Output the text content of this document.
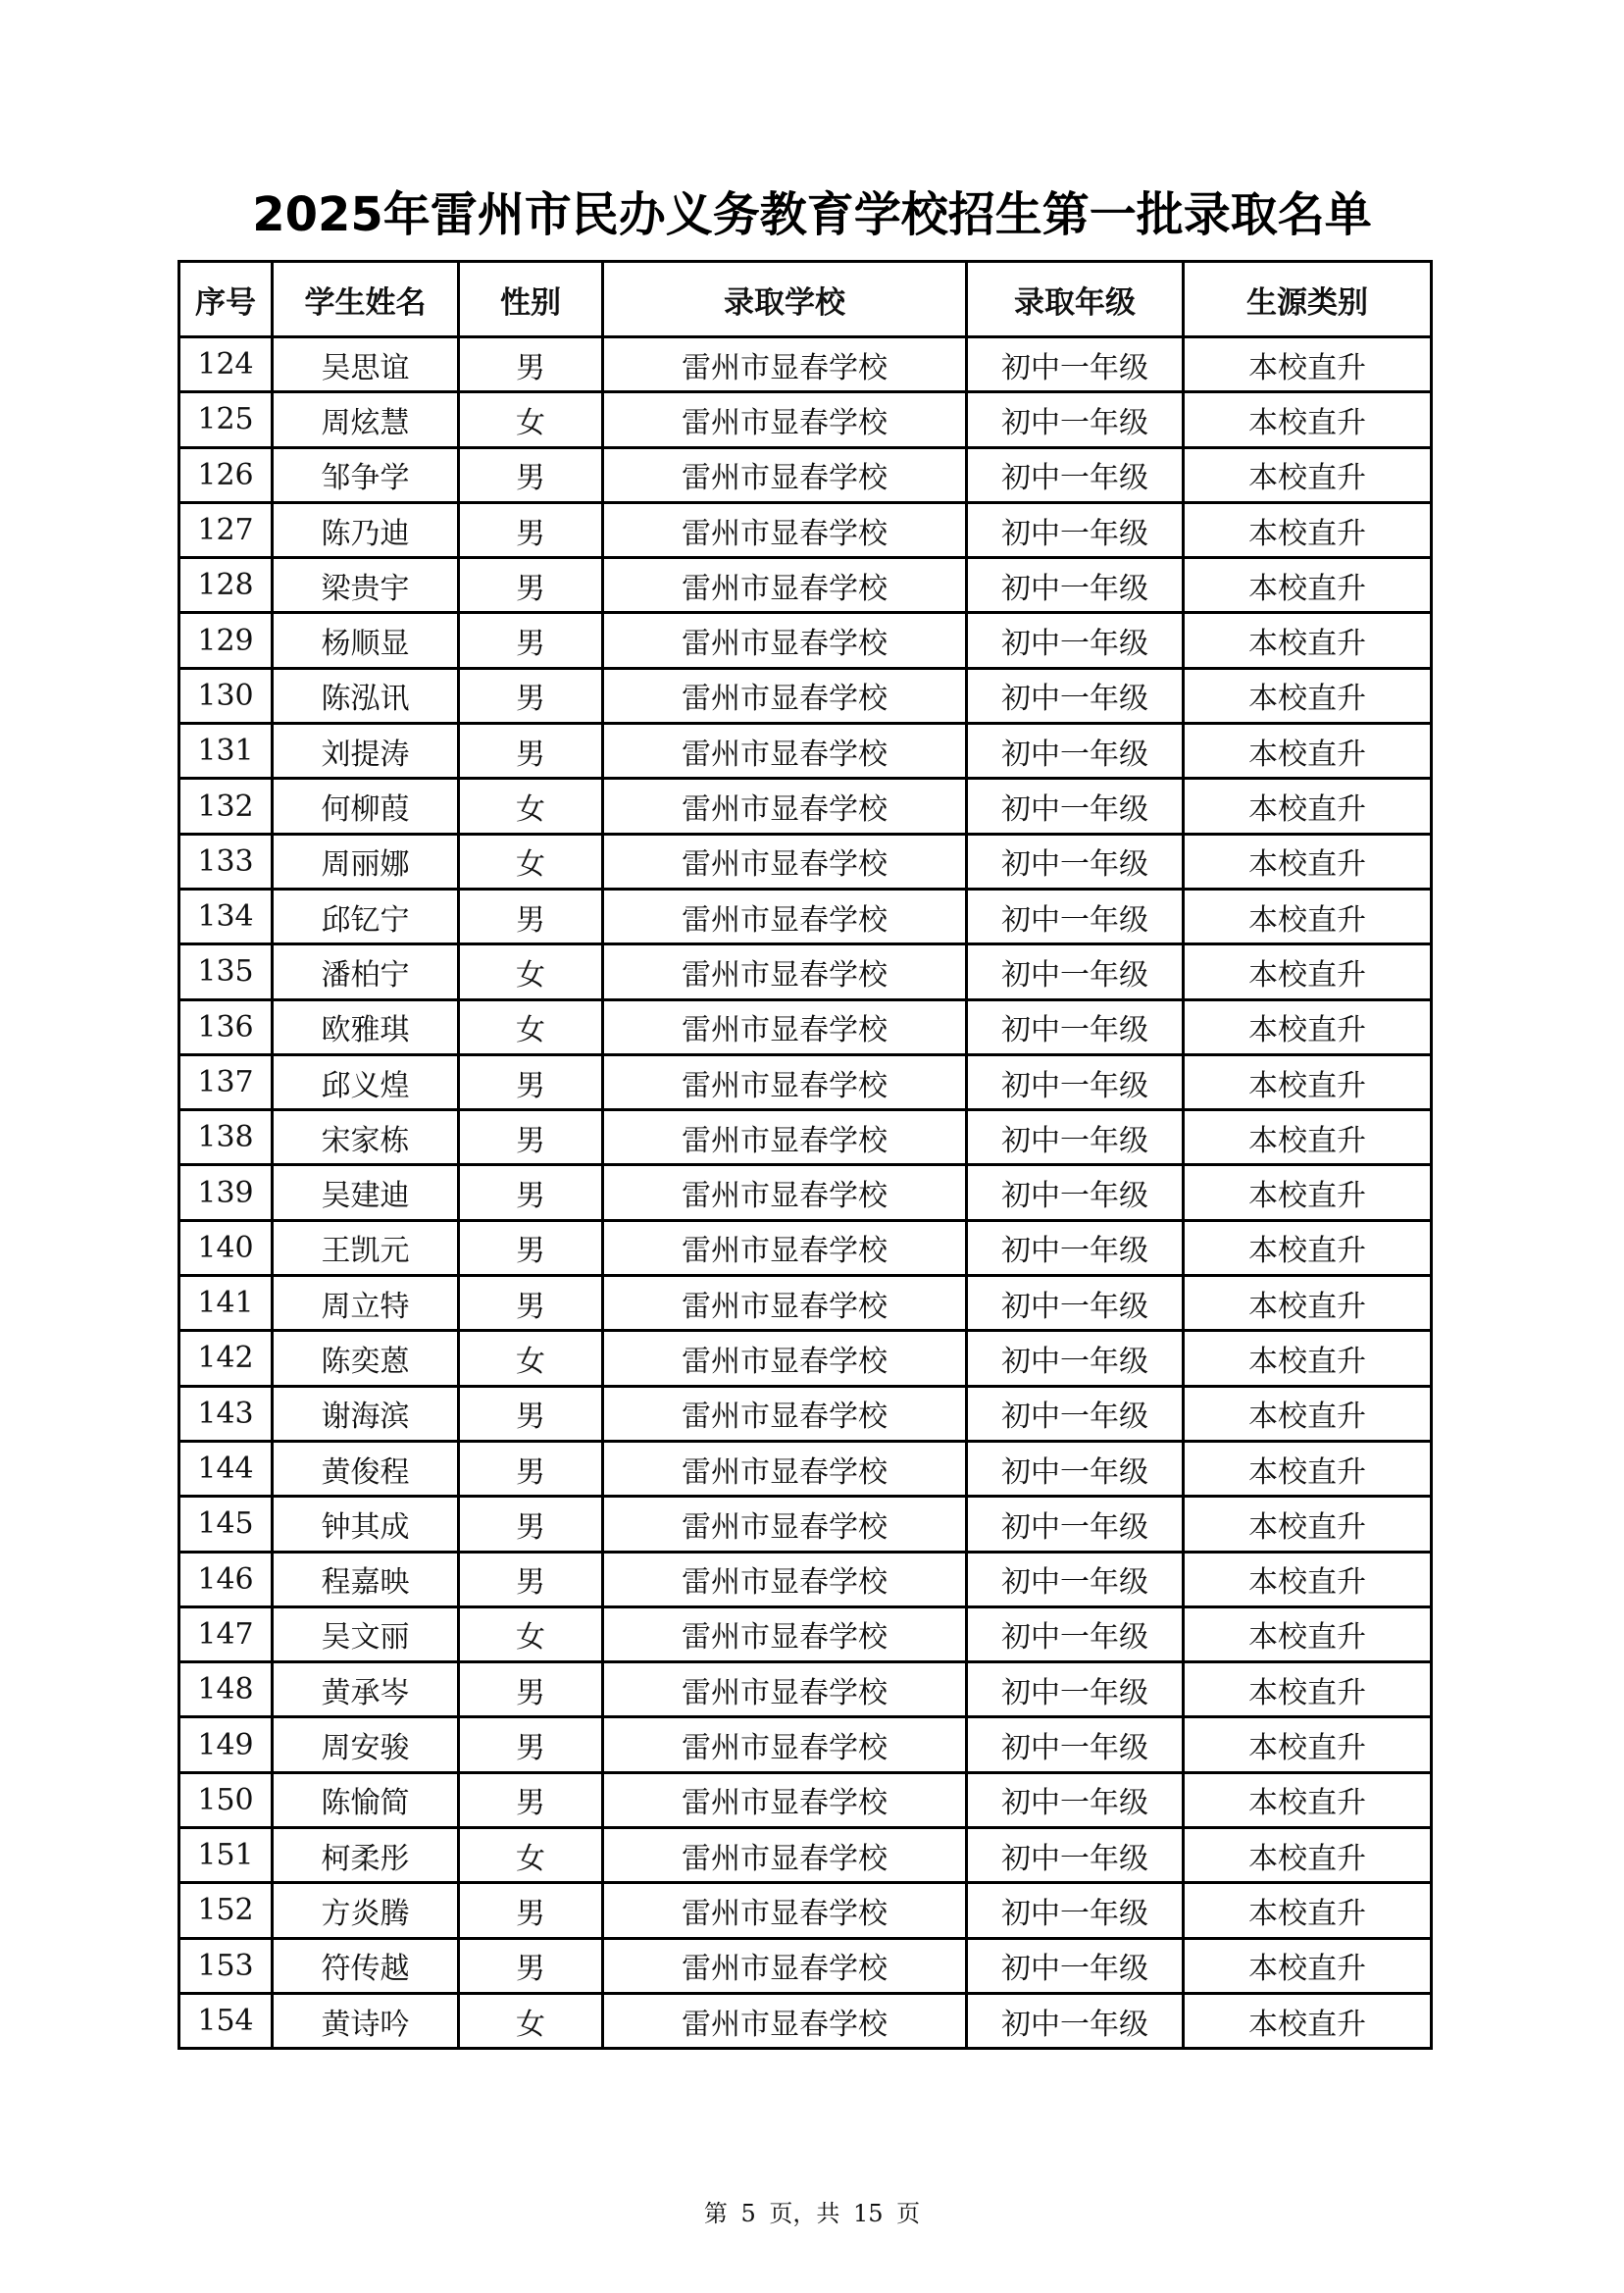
2025年雷州市民办义务教育学校招生第一批录取名单
序号	学生姓名	性别	录取学校	录取年级	生源类别
124	吴思谊	男	雷州市显春学校	初中一年级	本校直升
125	周炫慧	女	雷州市显春学校	初中一年级	本校直升
126	邹争学	男	雷州市显春学校	初中一年级	本校直升
127	陈乃迪	男	雷州市显春学校	初中一年级	本校直升
128	梁贵宇	男	雷州市显春学校	初中一年级	本校直升
129	杨顺显	男	雷州市显春学校	初中一年级	本校直升
130	陈泓讯	男	雷州市显春学校	初中一年级	本校直升
131	刘提涛	男	雷州市显春学校	初中一年级	本校直升
132	何柳葭	女	雷州市显春学校	初中一年级	本校直升
133	周丽娜	女	雷州市显春学校	初中一年级	本校直升
134	邱钇宁	男	雷州市显春学校	初中一年级	本校直升
135	潘柏宁	女	雷州市显春学校	初中一年级	本校直升
136	欧雅琪	女	雷州市显春学校	初中一年级	本校直升
137	邱义煌	男	雷州市显春学校	初中一年级	本校直升
138	宋家栋	男	雷州市显春学校	初中一年级	本校直升
139	吴建迪	男	雷州市显春学校	初中一年级	本校直升
140	王凯元	男	雷州市显春学校	初中一年级	本校直升
141	周立特	男	雷州市显春学校	初中一年级	本校直升
142	陈奕蒽	女	雷州市显春学校	初中一年级	本校直升
143	谢海滨	男	雷州市显春学校	初中一年级	本校直升
144	黄俊程	男	雷州市显春学校	初中一年级	本校直升
145	钟其成	男	雷州市显春学校	初中一年级	本校直升
146	程嘉映	男	雷州市显春学校	初中一年级	本校直升
147	吴文丽	女	雷州市显春学校	初中一年级	本校直升
148	黄承岑	男	雷州市显春学校	初中一年级	本校直升
149	周安骏	男	雷州市显春学校	初中一年级	本校直升
150	陈愉简	男	雷州市显春学校	初中一年级	本校直升
151	柯柔彤	女	雷州市显春学校	初中一年级	本校直升
152	方炎腾	男	雷州市显春学校	初中一年级	本校直升
153	符传越	男	雷州市显春学校	初中一年级	本校直升
154	黄诗吟	女	雷州市显春学校	初中一年级	本校直升
第 5 页，共 15 页
